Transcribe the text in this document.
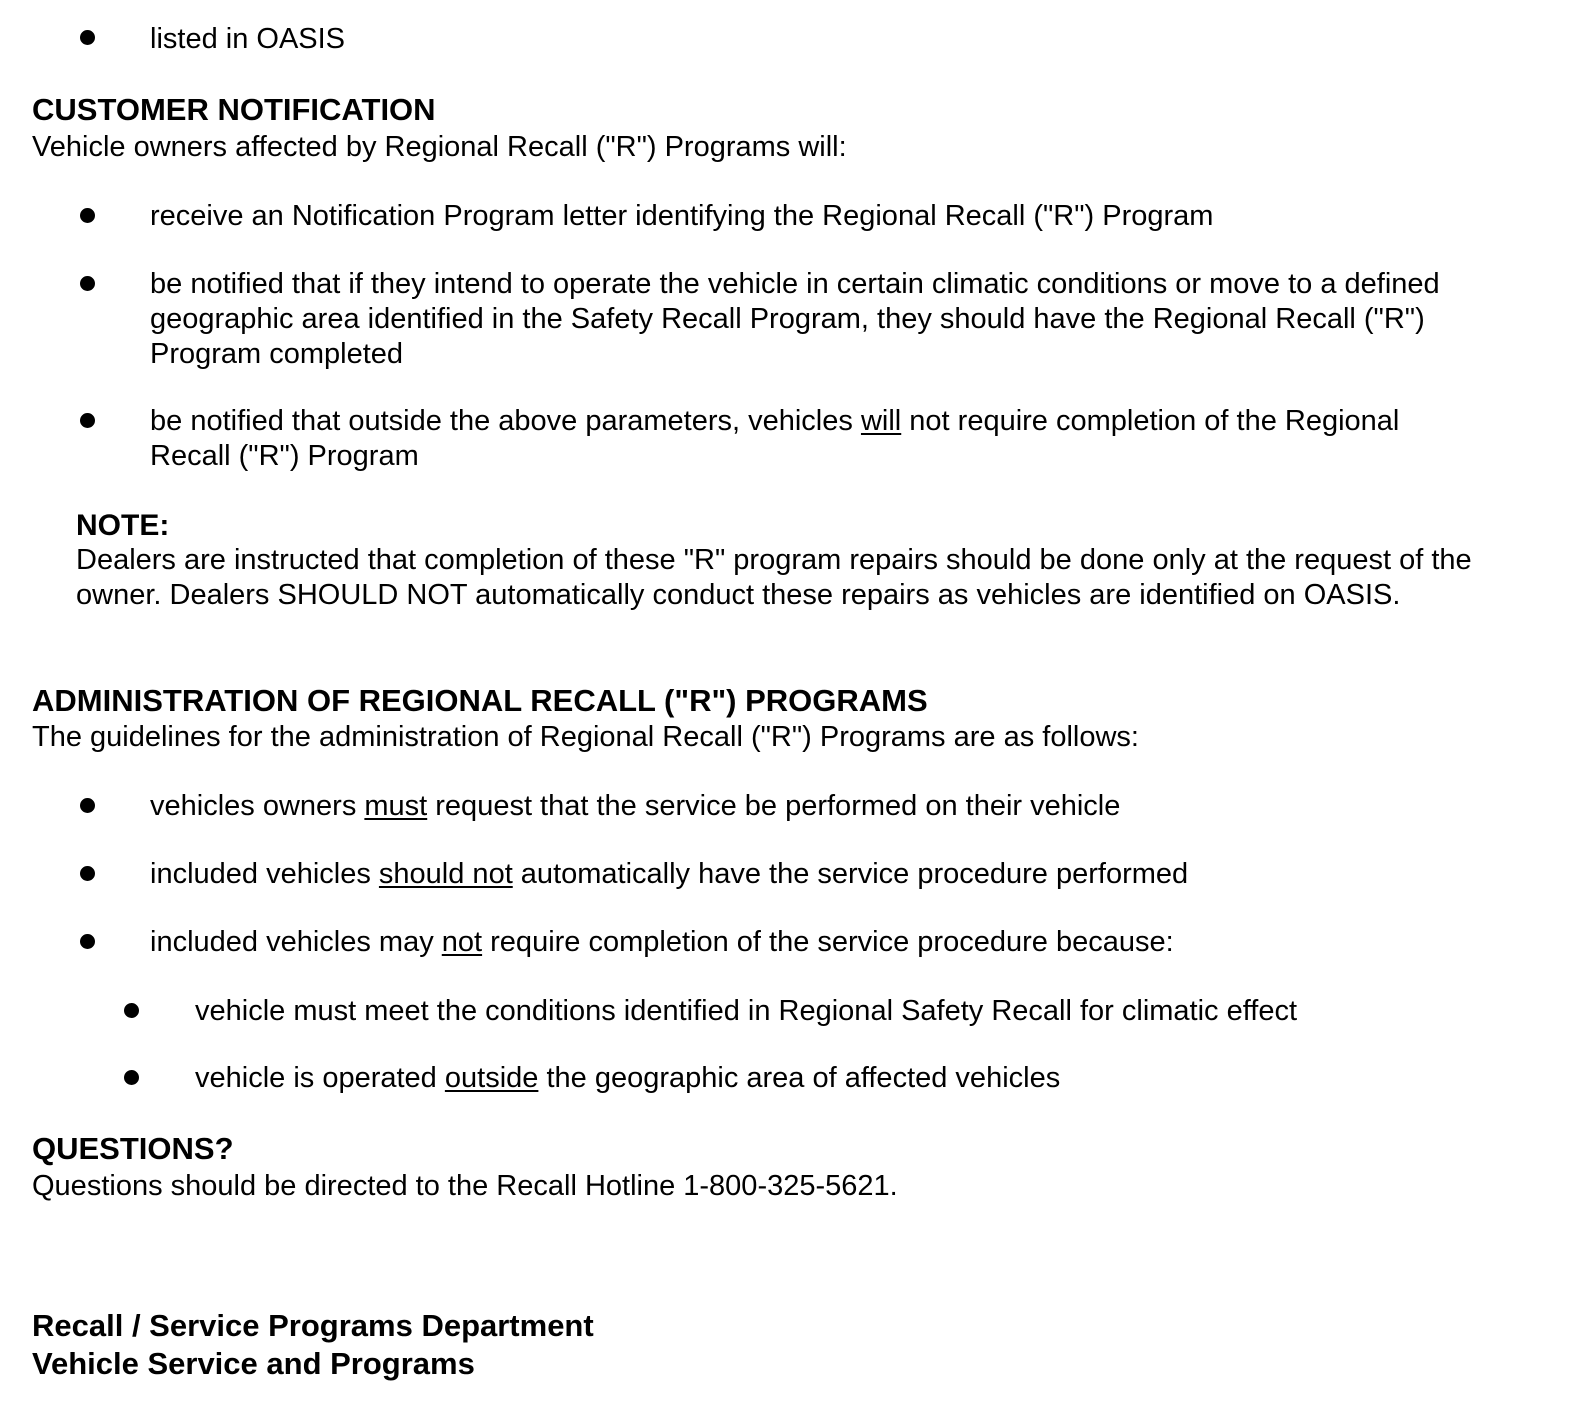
listed in OASIS
CUSTOMER NOTIFICATION
Vehicle owners affected by Regional Recall ("R") Programs will:
receive an Notification Program letter identifying the Regional Recall ("R") Program
be notified that if they intend to operate the vehicle in certain climatic conditions or move to a defined geographic area identified in the Safety Recall Program, they should have the Regional Recall ("R") Program completed
be notified that outside the above parameters, vehicles will not require completion of the Regional Recall ("R") Program
NOTE:
Dealers are instructed that completion of these "R" program repairs should be done only at the request of the owner. Dealers SHOULD NOT automatically conduct these repairs as vehicles are identified on OASIS.
ADMINISTRATION OF REGIONAL RECALL ("R") PROGRAMS
The guidelines for the administration of Regional Recall ("R") Programs are as follows:
vehicles owners must request that the service be performed on their vehicle
included vehicles should not automatically have the service procedure performed
included vehicles may not require completion of the service procedure because:
vehicle must meet the conditions identified in Regional Safety Recall for climatic effect
vehicle is operated outside the geographic area of affected vehicles
QUESTIONS?
Questions should be directed to the Recall Hotline 1-800-325-5621.
Recall / Service Programs Department
Vehicle Service and Programs
